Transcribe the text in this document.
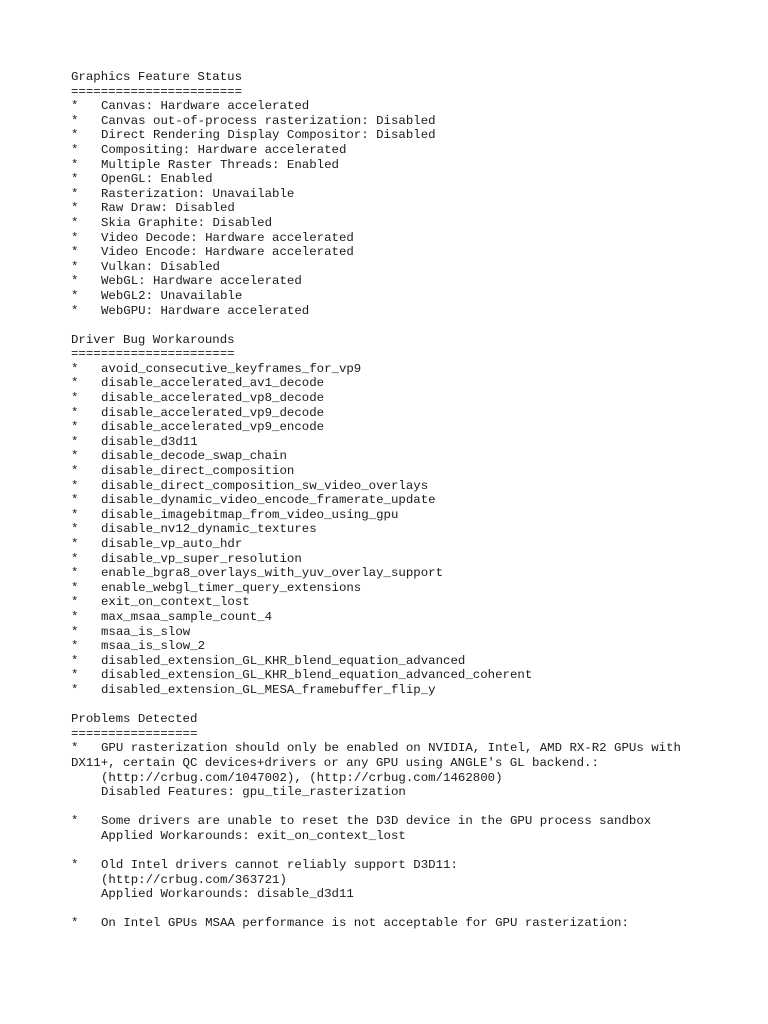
Graphics Feature Status
=======================
*	Canvas: Hardware accelerated
*	Canvas out-of-process rasterization: Disabled
*	Direct Rendering Display Compositor: Disabled
*	Compositing: Hardware accelerated
*	Multiple Raster Threads: Enabled
*	OpenGL: Enabled
*	Rasterization: Unavailable
*	Raw Draw: Disabled
*	Skia Graphite: Disabled
*	Video Decode: Hardware accelerated
*	Video Encode: Hardware accelerated
*	Vulkan: Disabled
*	WebGL: Hardware accelerated
*	WebGL2: Unavailable
*	WebGPU: Hardware accelerated
Driver Bug Workarounds
======================
*	avoid_consecutive_keyframes_for_vp9
*	disable_accelerated_av1_decode
*	disable_accelerated_vp8_decode
*	disable_accelerated_vp9_decode
*	disable_accelerated_vp9_encode
*	disable_d3d11
*	disable_decode_swap_chain
*	disable_direct_composition
*	disable_direct_composition_sw_video_overlays
*	disable_dynamic_video_encode_framerate_update
*	disable_imagebitmap_from_video_using_gpu
*	disable_nv12_dynamic_textures
*	disable_vp_auto_hdr
*	disable_vp_super_resolution
*	enable_bgra8_overlays_with_yuv_overlay_support
*	enable_webgl_timer_query_extensions
*	exit_on_context_lost
*	max_msaa_sample_count_4
*	msaa_is_slow
*	msaa_is_slow_2
*	disabled_extension_GL_KHR_blend_equation_advanced
*	disabled_extension_GL_KHR_blend_equation_advanced_coherent
*	disabled_extension_GL_MESA_framebuffer_flip_y
Problems Detected
=================
*	GPU rasterization should only be enabled on NVIDIA, Intel, AMD RX-R2 GPUs with
DX11+, certain QC devices+drivers or any GPU using ANGLE's GL backend.:
(http://crbug.com/1047002), (http://crbug.com/1462800)
Disabled Features: gpu_tile_rasterization
*	Some drivers are unable to reset the D3D device in the GPU process sandbox
Applied Workarounds: exit_on_context_lost
*	Old Intel drivers cannot reliably support D3D11:
(http://crbug.com/363721)
Applied Workarounds: disable_d3d11
*	On Intel GPUs MSAA performance is not acceptable for GPU rasterization:
